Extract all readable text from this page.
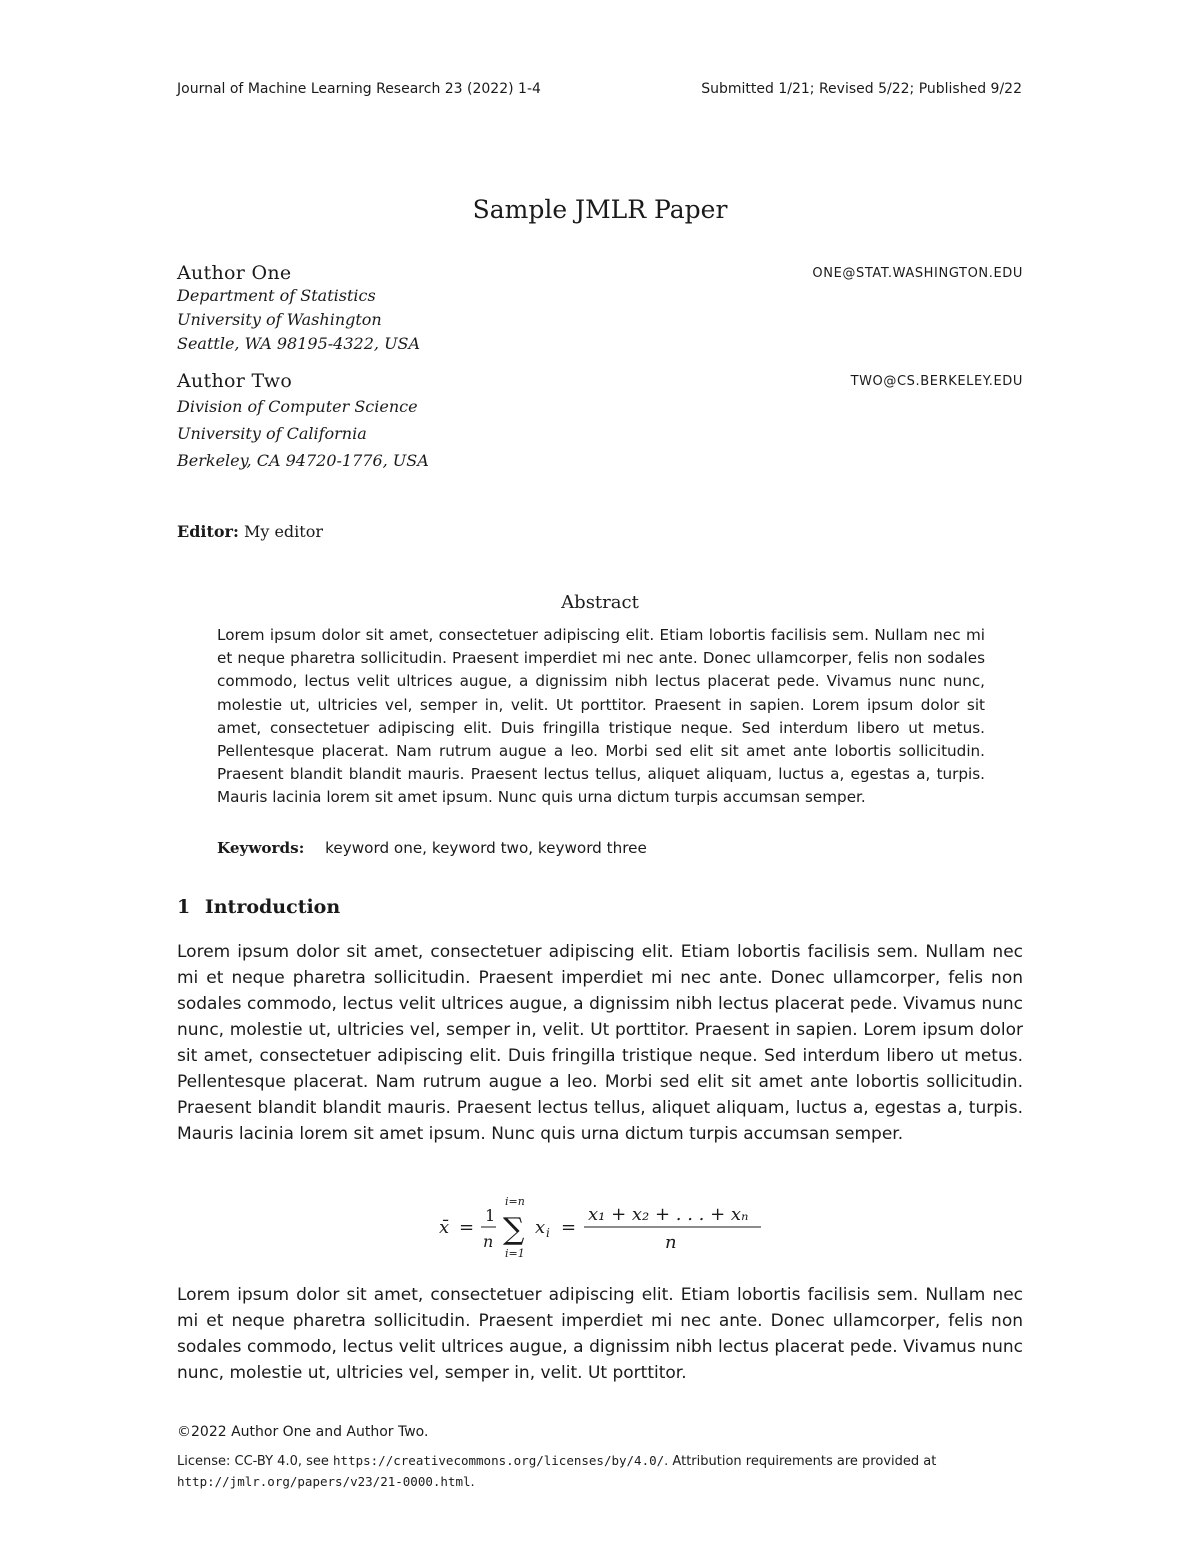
Journal of Machine Learning Research 23 (2022) 1-4	Submitted 1/21; Revised 5/22; Published 9/22
Sample JMLR Paper
Author One	ONE@STAT.WASHINGTON.EDU
Department of Statistics
University of Washington
Seattle, WA 98195-4322, USA
Author Two	TWO@CS.BERKELEY.EDU
Division of Computer Science
University of California
Berkeley, CA 94720-1776, USA
Editor: My editor
Abstract
Lorem ipsum dolor sit amet, consectetuer adipiscing elit. Etiam lobortis facilisis sem. Nullam nec mi et neque pharetra sollicitudin. Praesent imperdiet mi nec ante. Donec ullamcorper, felis non sodales commodo, lectus velit ultrices augue, a dignissim nibh lectus placerat pede. Vivamus nunc nunc, molestie ut, ultricies vel, semper in, velit. Ut porttitor. Praesent in sapien. Lorem ipsum dolor sit amet, consectetuer adipiscing elit. Duis fringilla tristique neque. Sed interdum libero ut metus. Pellentesque placerat. Nam rutrum augue a leo. Morbi sed elit sit amet ante lobortis sollicitudin. Praesent blandit blandit mauris. Praesent lectus tellus, aliquet aliquam, luctus a, egestas a, turpis. Mauris lacinia lorem sit amet ipsum. Nunc quis urna dictum turpis accumsan semper.
Keywords: keyword one, keyword two, keyword three
1 Introduction
Lorem ipsum dolor sit amet, consectetuer adipiscing elit. Etiam lobortis facilisis sem. Nullam nec mi et neque pharetra sollicitudin. Praesent imperdiet mi nec ante. Donec ullamcorper, felis non sodales commodo, lectus velit ultrices augue, a dignissim nibh lectus placerat pede. Vivamus nunc nunc, molestie ut, ultricies vel, semper in, velit. Ut porttitor. Praesent in sapien. Lorem ipsum dolor sit amet, consectetuer adipiscing elit. Duis fringilla tristique neque. Sed interdum libero ut metus. Pellentesque placerat. Nam rutrum augue a leo. Morbi sed elit sit amet ante lobortis sollicitudin. Praesent blandit blandit mauris. Praesent lectus tellus, aliquet aliquam, luctus a, egestas a, turpis. Mauris lacinia lorem sit amet ipsum. Nunc quis urna dictum turpis accumsan semper.
x̄ =
1
n
i=n
∑
i=1
x i =
x₁ + x₂ + . . . + xₙ
n
Lorem ipsum dolor sit amet, consectetuer adipiscing elit. Etiam lobortis facilisis sem. Nullam nec mi et neque pharetra sollicitudin. Praesent imperdiet mi nec ante. Donec ullamcorper, felis non sodales commodo, lectus velit ultrices augue, a dignissim nibh lectus placerat pede. Vivamus nunc nunc, molestie ut, ultricies vel, semper in, velit. Ut porttitor.
©2022 Author One and Author Two.
License: CC-BY 4.0, see https://creativecommons.org/licenses/by/4.0/. Attribution requirements are provided at http://jmlr.org/papers/v23/21-0000.html.
